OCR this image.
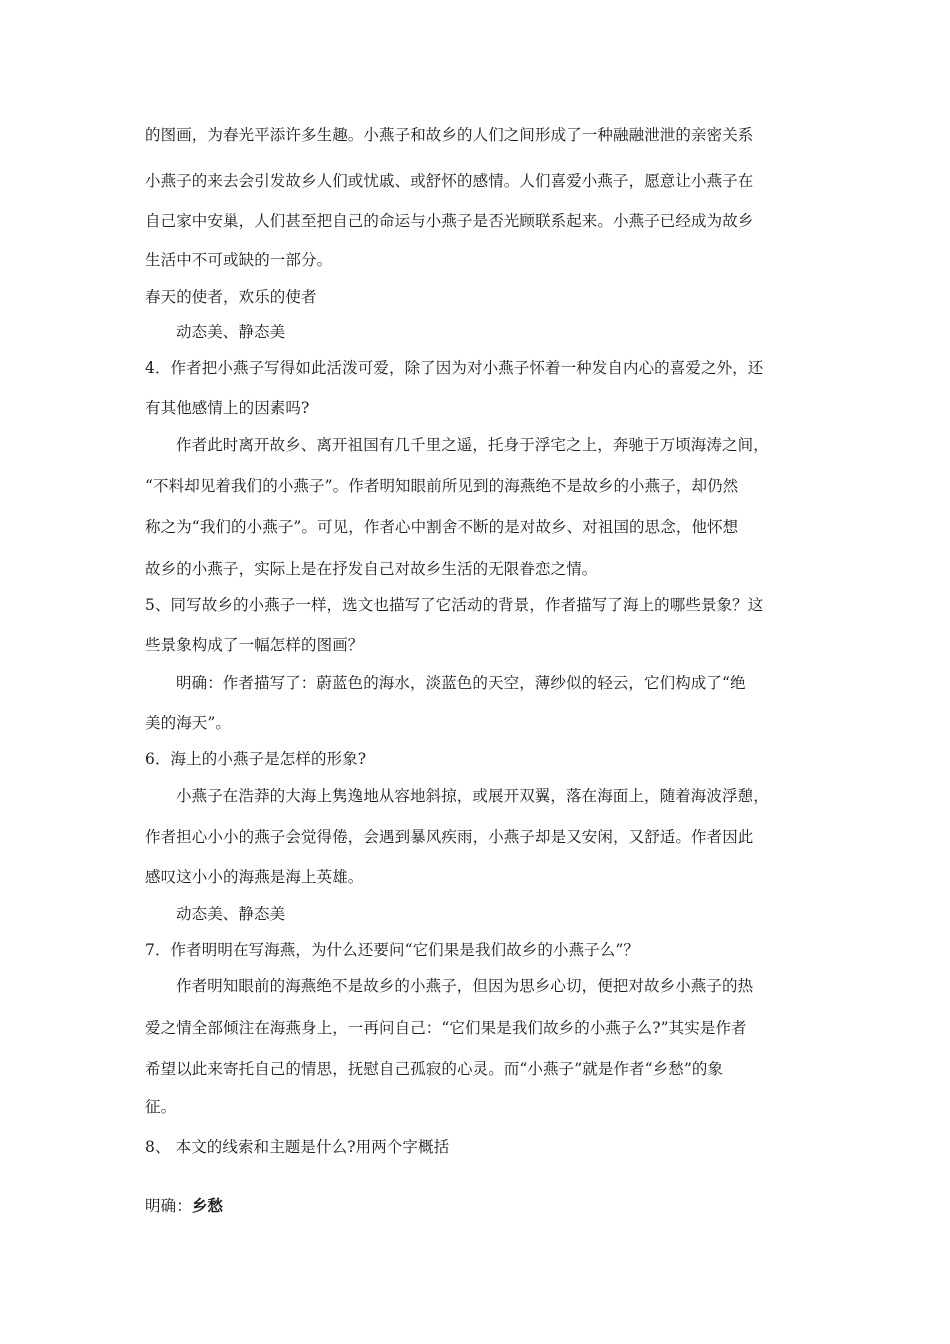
的图画，为春光平添许多生趣。小燕子和故乡的人们之间形成了一种融融泄泄的亲密关系
小燕子的来去会引发故乡人们或忧戚、或舒怀的感情。人们喜爱小燕子，愿意让小燕子在
自己家中安巢，人们甚至把自己的命运与小燕子是否光顾联系起来。小燕子已经成为故乡
生活中不可或缺的一部分。
春天的使者，欢乐的使者
动态美、静态美
4．作者把小燕子写得如此活泼可爱，除了因为对小燕子怀着一种发自内心的喜爱之外，还
有其他感情上的因素吗?
作者此时离开故乡、离开祖国有几千里之遥，托身于浮宅之上，奔驰于万顷海涛之间，
“不料却见着我们的小燕子”。作者明知眼前所见到的海燕绝不是故乡的小燕子，却仍然
称之为“我们的小燕子”。可见，作者心中割舍不断的是对故乡、对祖国的思念，他怀想
故乡的小燕子，实际上是在抒发自己对故乡生活的无限眷恋之情。
5、同写故乡的小燕子一样，选文也描写了它活动的背景，作者描写了海上的哪些景象？这
些景象构成了一幅怎样的图画？
明确：作者描写了：蔚蓝色的海水，淡蓝色的天空，薄纱似的轻云，它们构成了“绝
美的海天”。
6．海上的小燕子是怎样的形象?
小燕子在浩莽的大海上隽逸地从容地斜掠，或展开双翼，落在海面上，随着海波浮憩，
作者担心小小的燕子会觉得倦，会遇到暴风疾雨，小燕子却是又安闲，又舒适。作者因此
感叹这小小的海燕是海上英雄。
动态美、静态美
7．作者明明在写海燕，为什么还要问“它们果是我们故乡的小燕子么”？
作者明知眼前的海燕绝不是故乡的小燕子，但因为思乡心切，便把对故乡小燕子的热
爱之情全部倾注在海燕身上，一再问自己：“它们果是我们故乡的小燕子么?”其实是作者
希望以此来寄托自己的情思，抚慰自己孤寂的心灵。而“小燕子”就是作者“乡愁”的象
征。
8、 本文的线索和主题是什么?用两个字概括
明确：乡愁
